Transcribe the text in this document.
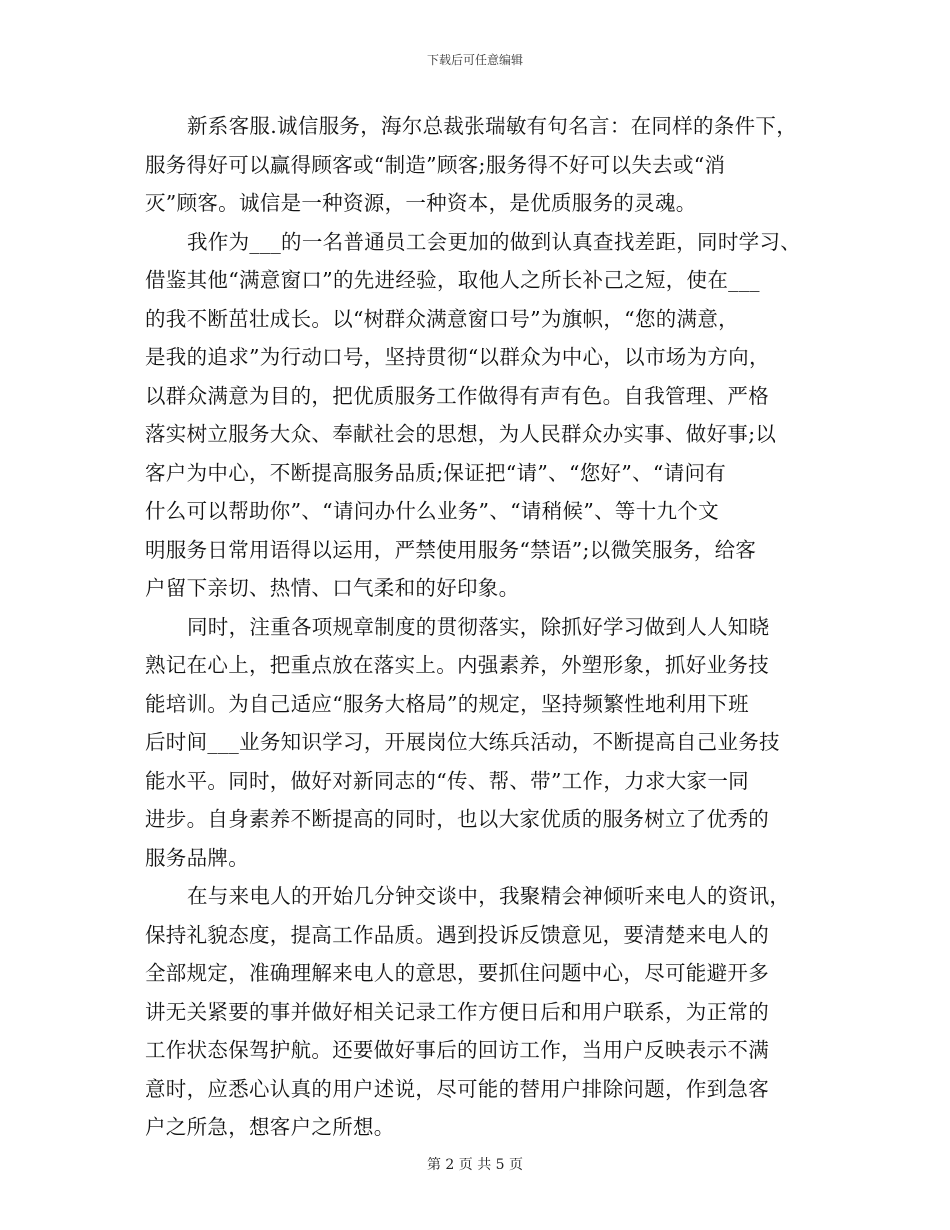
下载后可任意编辑
新系客服.诚信服务，海尔总裁张瑞敏有句名言：在同样的条件下，
服务得好可以赢得顾客或“制造”顾客;服务得不好可以失去或“消
灭”顾客。诚信是一种资源，一种资本，是优质服务的灵魂。
我作为___的一名普通员工会更加的做到认真查找差距，同时学习、
借鉴其他“满意窗口”的先进经验，取他人之所长补己之短，使在___
的我不断茁壮成长。以“树群众满意窗口号”为旗帜，“您的满意，
是我的追求”为行动口号，坚持贯彻“以群众为中心，以市场为方向，
以群众满意为目的，把优质服务工作做得有声有色。自我管理、严格
落实树立服务大众、奉献社会的思想，为人民群众办实事、做好事;以
客户为中心，不断提高服务品质;保证把“请”、“您好”、“请问有
什么可以帮助你”、“请问办什么业务”、“请稍候”、等十九个文
明服务日常用语得以运用，严禁使用服务“禁语”;以微笑服务，给客
户留下亲切、热情、口气柔和的好印象。
同时，注重各项规章制度的贯彻落实，除抓好学习做到人人知晓
熟记在心上，把重点放在落实上。内强素养，外塑形象，抓好业务技
能培训。为自己适应“服务大格局”的规定，坚持频繁性地利用下班
后时间___业务知识学习，开展岗位大练兵活动，不断提高自己业务技
能水平。同时，做好对新同志的“传、帮、带”工作，力求大家一同
进步。自身素养不断提高的同时，也以大家优质的服务树立了优秀的
服务品牌。
在与来电人的开始几分钟交谈中，我聚精会神倾听来电人的资讯，
保持礼貌态度，提高工作品质。遇到投诉反馈意见，要清楚来电人的
全部规定，准确理解来电人的意思，要抓住问题中心，尽可能避开多
讲无关紧要的事并做好相关记录工作方便日后和用户联系，为正常的
工作状态保驾护航。还要做好事后的回访工作，当用户反映表示不满
意时，应悉心认真的用户述说，尽可能的替用户排除问题，作到急客
户之所急，想客户之所想。
第 2 页 共 5 页
